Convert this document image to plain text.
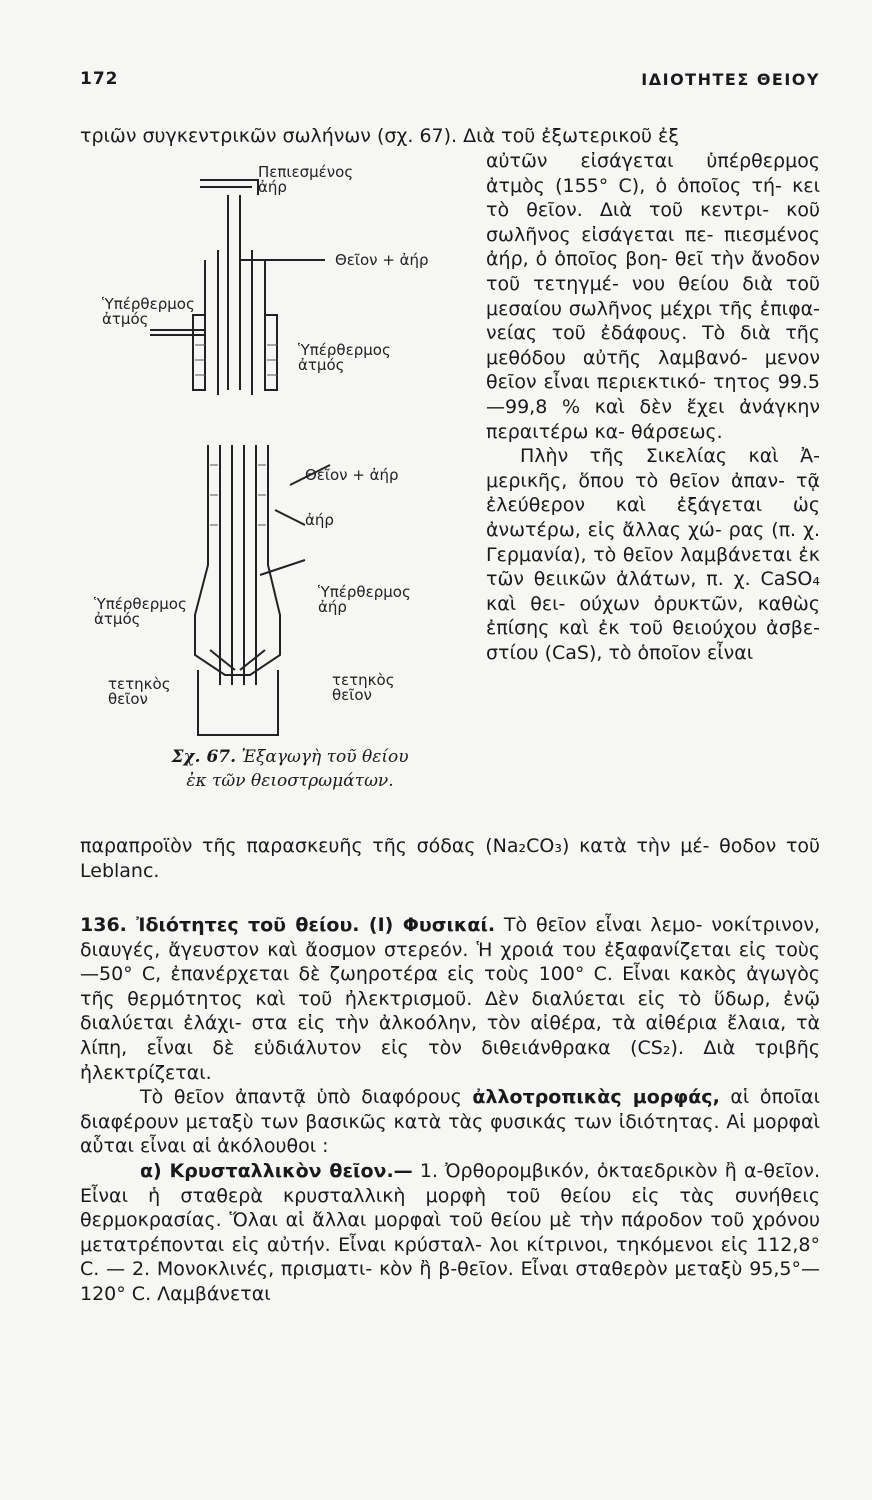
172	ΙΔΙΟΤΗΤΕΣ ΘΕΙΟΥ
τριῶν συγκεντρικῶν σωλήνων (σχ. 67). Διὰ τοῦ ἐξωτερικοῦ ἐξ
Πεπιεσμένος
ἀήρ
Θεῖον + ἀήρ
Ὑπέρθερμος
ἀτμός
Ὑπέρθερμος
ἀτμός
Θεῖον + ἀήρ
ἀήρ
Ὑπέρθερμος
ἀτμός
Ὑπέρθερμος
ἀήρ
τετηκὸς
θεῖον
τετηκὸς
θεῖον
Σχ. 67. Ἐξαγωγὴ τοῦ θείου
ἐκ τῶν θειοστρωμάτων.

αὐτῶν εἰσάγεται ὑπέρθερμος ἀτμὸς (155° C), ὁ ὁποῖος τή- κει τὸ θεῖον. Διὰ τοῦ κεντρι- κοῦ σωλῆνος εἰσάγεται πε- πιεσμένος ἀήρ, ὁ ὁποῖος βοη- θεῖ τὴν ἄνοδον τοῦ τετηγμέ- νου θείου διὰ τοῦ μεσαίου σωλῆνος μέχρι τῆς ἐπιφα- νείας τοῦ ἐδάφους. Τὸ διὰ τῆς μεθόδου αὐτῆς λαμβανό- μενον θεῖον εἶναι περιεκτικό- τητος 99.5—99,8 % καὶ δὲν ἔχει ἀνάγκην περαιτέρω κα- θάρσεως.

Πλὴν τῆς Σικελίας καὶ Ἀ- μερικῆς, ὅπου τὸ θεῖον ἀπαν- τᾷ ἐλεύθερον καὶ ἐξάγεται ὡς ἀνωτέρω, εἰς ἄλλας χώ- ρας (π. χ. Γερμανία), τὸ θεῖον λαμβάνεται ἐκ τῶν θειικῶν ἀλάτων, π. χ. CaSO₄ καὶ θει- ούχων ὀρυκτῶν, καθὼς ἐπίσης καὶ ἐκ τοῦ θειούχου ἀσβε- στίου (CaS), τὸ ὁποῖον εἶναι

παραπροϊὸν τῆς παρασκευῆς τῆς σόδας (Na₂CO₃) κατὰ τὴν μέ- θοδον τοῦ Leblanc.

136. Ἰδιότητες τοῦ θείου. (I) Φυσικαί. Τὸ θεῖον εἶναι λεμο- νοκίτρινον, διαυγές, ἄγευστον καὶ ἄοσμον στερεόν. Ἡ χροιά του ἐξαφανίζεται εἰς τοὺς —50° C, ἐπανέρχεται δὲ ζωηροτέρα εἰς τοὺς 100° C. Εἶναι κακὸς ἀγωγὸς τῆς θερμότητος καὶ τοῦ ἠλεκτρισμοῦ. Δὲν διαλύεται εἰς τὸ ὕδωρ, ἐνῷ διαλύεται ἐλάχι- στα εἰς τὴν ἀλκοόλην, τὸν αἰθέρα, τὰ αἰθέρια ἔλαια, τὰ λίπη, εἶναι δὲ εὐδιάλυτον εἰς τὸν διθειάνθρακα (CS₂). Διὰ τριβῆς ἠλεκτρίζεται.

Τὸ θεῖον ἀπαντᾷ ὑπὸ διαφόρους ἀλλοτροπικὰς μορφάς, αἱ ὁποῖαι διαφέρουν μεταξὺ των βασικῶς κατὰ τὰς φυσικάς των ἰδιότητας. Αἱ μορφαὶ αὗται εἶναι αἱ ἀκόλουθοι :

α) Κρυσταλλικὸν θεῖον.— 1. Ὀρθορομβικόν, ὀκταεδρικὸν ἢ α-θεῖον. Εἶναι ἡ σταθερὰ κρυσταλλικὴ μορφὴ τοῦ θείου εἰς τὰς συνήθεις θερμοκρασίας. Ὅλαι αἱ ἄλλαι μορφαὶ τοῦ θείου μὲ τὴν πάροδον τοῦ χρόνου μετατρέπονται εἰς αὐτήν. Εἶναι κρύσταλ- λοι κίτρινοι, τηκόμενοι εἰς 112,8° C. — 2. Μονοκλινές, πρισματι- κὸν ἢ β-θεῖον. Εἶναι σταθερὸν μεταξὺ 95,5°—120° C. Λαμβάνεται
